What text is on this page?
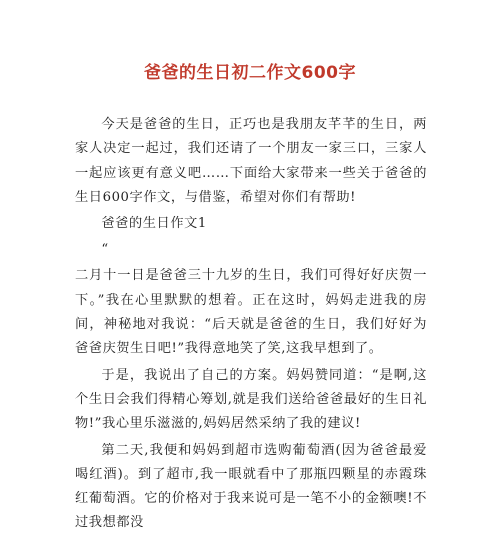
爸爸的生日初二作文600字

今天是爸爸的生日，正巧也是我朋友芊芊的生日，两家人决定一起过，我们还请了一个朋友一家三口，三家人一起应该更有意义吧……下面给大家带来一些关于爸爸的生日600字作文，与借鉴，希望对你们有帮助!

爸爸的生日作文1

“

二月十一日是爸爸三十九岁的生日，我们可得好好庆贺一下。”我在心里默默的想着。正在这时，妈妈走进我的房间，神秘地对我说：“后天就是爸爸的生日，我们好好为爸爸庆贺生日吧!”我得意地笑了笑,这我早想到了。

于是，我说出了自己的方案。妈妈赞同道：“是啊,这个生日会我们得精心筹划,就是我们送给爸爸最好的生日礼物!”我心里乐滋滋的,妈妈居然采纳了我的建议!

第二天,我便和妈妈到超市选购葡萄酒(因为爸爸最爱喝红酒)。到了超市,我一眼就看中了那瓶四颗星的赤霞珠红葡萄酒。它的价格对于我来说可是一笔不小的金额噢!不过我想都没
